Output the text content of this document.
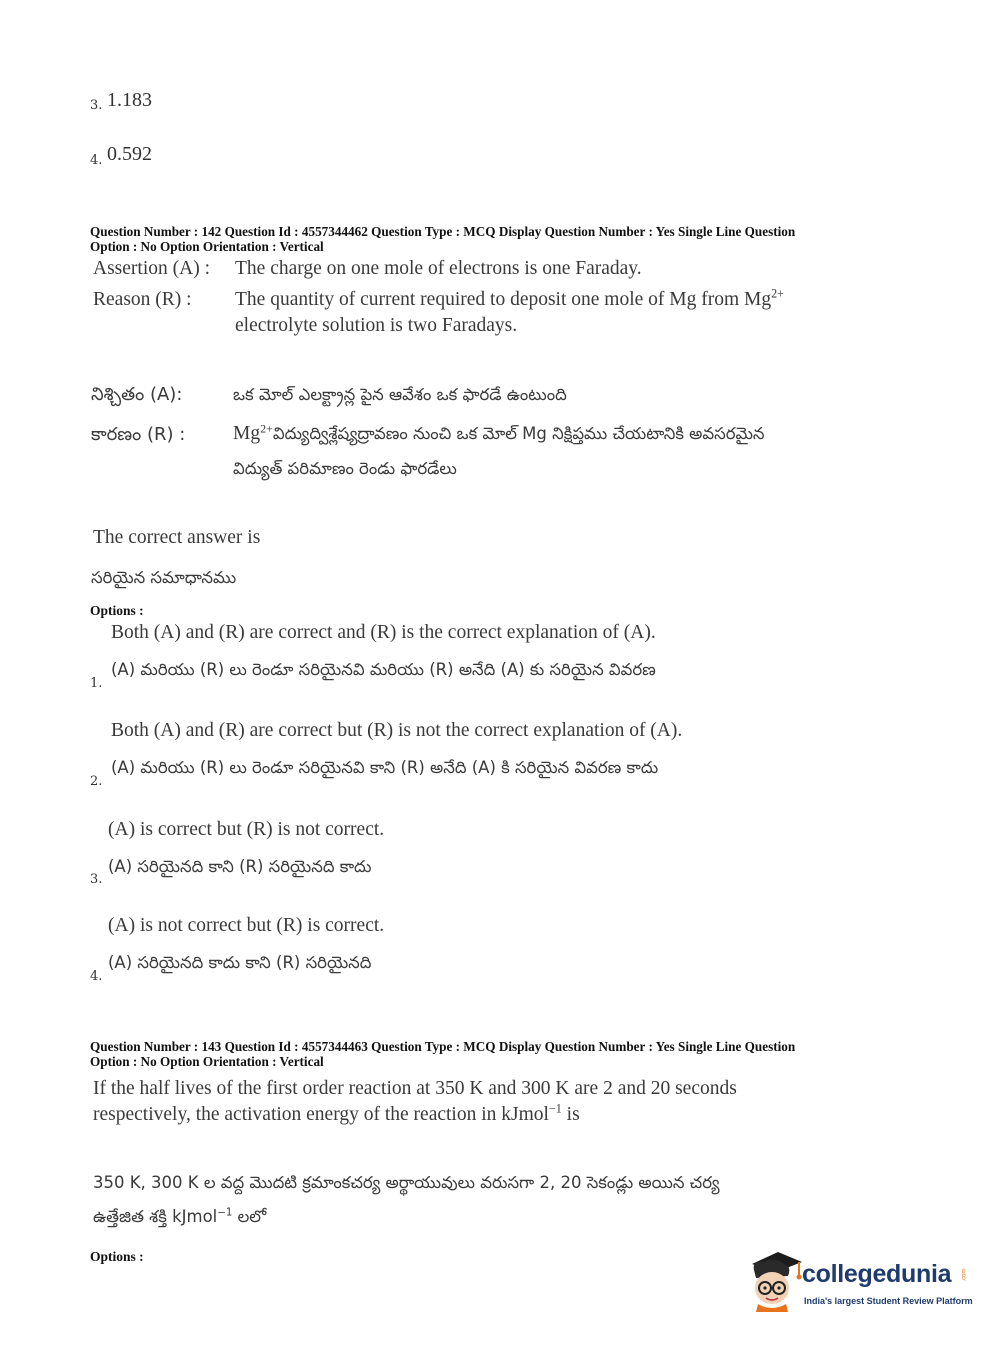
3. 1.183
4. 0.592
Question Number : 142 Question Id : 4557344462 Question Type : MCQ Display Question Number : Yes Single Line Question
Option : No Option Orientation : Vertical
Assertion (A) : The charge on one mole of electrons is one Faraday.
Reason (R) : The quantity of current required to deposit one mole of Mg from $Mg^{2+}$
electrolyte solution is two Faradays.
నిశ్చితం (A):	ఒక మోల్ ఎలక్ట్రాన్ల పైన ఆవేశం ఒక ఫారడే ఉంటుంది
కారణం (R) : $Mg^{2+}విద్యుద్విశ్లేష్యద్రావణం$ నుంచి ఒక మోల్ Mg నిక్షిప్తము చేయటానికి అవసరమైన
విద్యుత్ పరిమాణం రెండు ఫారడేలు
The correct answer is
సరియైన సమాధానము
Options :
Both (A) and (R) are correct and (R) is the correct explanation of (A).
(A) మరియు (R) లు రెండూ సరియైనవి మరియు (R) అనేది (A) కు సరియైన వివరణ
1.
Both (A) and (R) are correct but (R) is not the correct explanation of (A).
(A) మరియు (R) లు రెండూ సరియైనవి కాని (R) అనేది (A) కి సరియైన వివరణ కాదు
2.
(A) is correct but (R) is not correct.
(A) సరియైనది కాని (R) సరియైనది కాదు
3.
(A) is not correct but (R) is correct.
(A) సరియైనది కాదు కాని (R) సరియైనది
4.
Question Number : 143 Question Id : 4557344463 Question Type : MCQ Display Question Number : Yes Single Line Question
Option : No Option Orientation : Vertical
If the half lives of the first order reaction at 350 K and 300 K are 2 and 20 seconds
respectively, the activation energy of the reaction in kJmol$^{-1}$ is
350 K, 300 K ల వద్ద మొదటి క్రమాంకచర్య అర్థాయువులు వరుసగా 2, 20 సెకండ్లు అయిన చర్య
ఉత్తేజిత శక్తి kJmol$^{-1}$ లలో
Options :
collegedunia .com
India's largest Student Review Platform
